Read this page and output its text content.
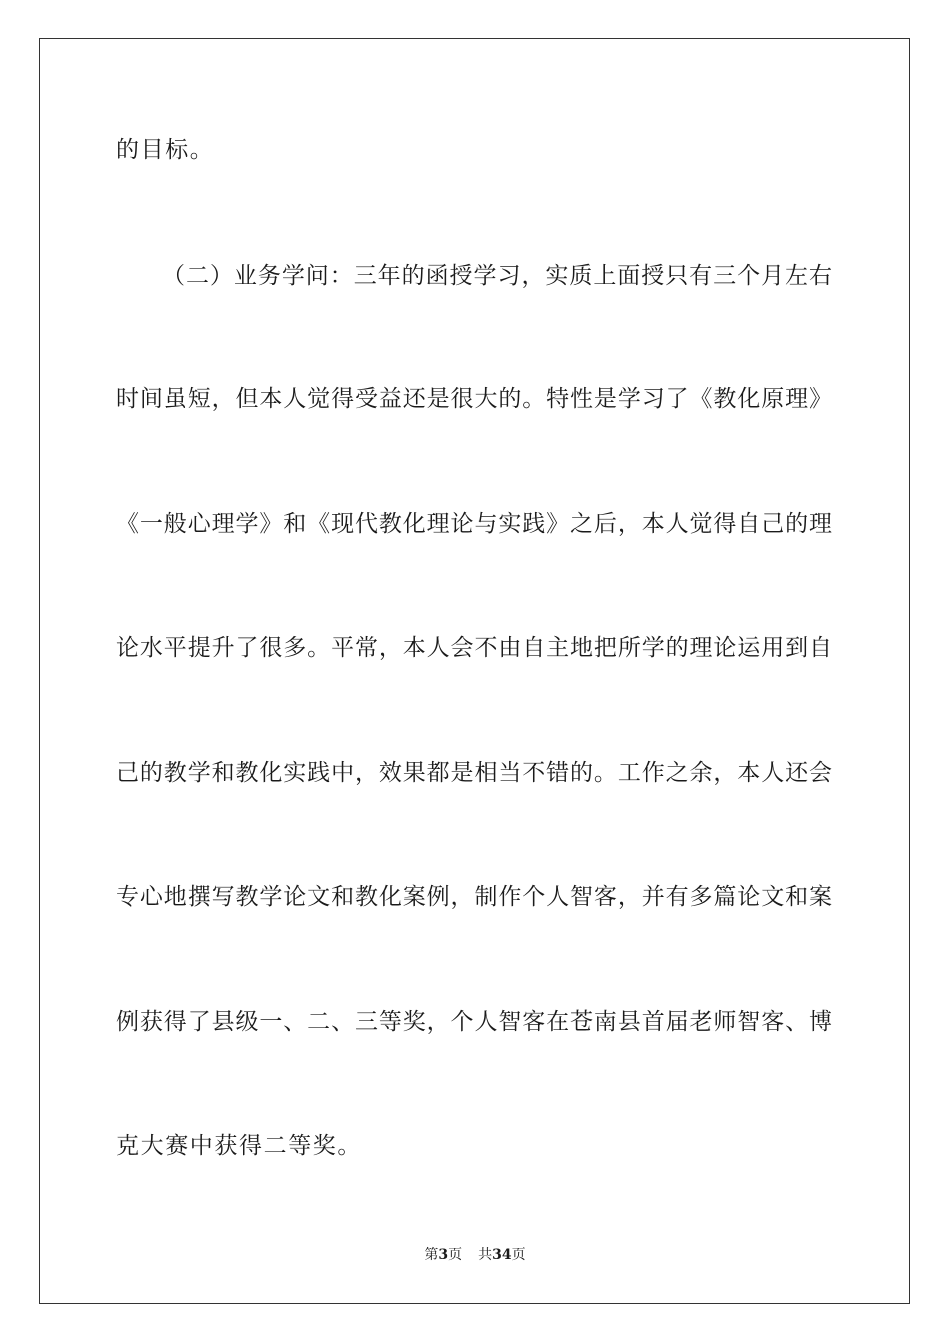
的目标。
（二）业务学问：三年的函授学习，实质上面授只有三个月左右
时间虽短，但本人觉得受益还是很大的。特性是学习了《教化原理》
《一般心理学》和《现代教化理论与实践》之后，本人觉得自己的理
论水平提升了很多。平常，本人会不由自主地把所学的理论运用到自
己的教学和教化实践中，效果都是相当不错的。工作之余，本人还会
专心地撰写教学论文和教化案例，制作个人智客，并有多篇论文和案
例获得了县级一、二、三等奖，个人智客在苍南县首届老师智客、博
克大赛中获得二等奖。
第3页 共34页
